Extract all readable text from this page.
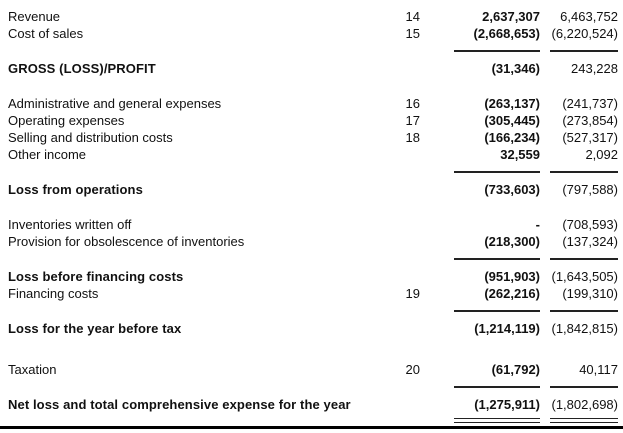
Revenue	14	2,637,307	6,463,752
Cost of sales	15	(2,668,653) (6,220,524)
GROSS (LOSS)/PROFIT	(31,346)	243,228
Administrative and general expenses	16	(263,137)	(241,737)
Operating expenses	17	(305,445)	(273,854)
Selling and distribution costs	18	(166,234)	(527,317)
Other income	32,559	2,092
Loss from operations	(733,603)	(797,588)
Inventories written off	-	(708,593)
Provision for obsolescence of inventories	(218,300)	(137,324)
Loss before financing costs	(951,903) (1,643,505)
Financing costs	19	(262,216)	(199,310)
Loss for the year before tax	(1,214,119) (1,842,815)
Taxation	20	(61,792)	40,117
Net loss and total comprehensive expense for the year	(1,275,911) (1,802,698)
